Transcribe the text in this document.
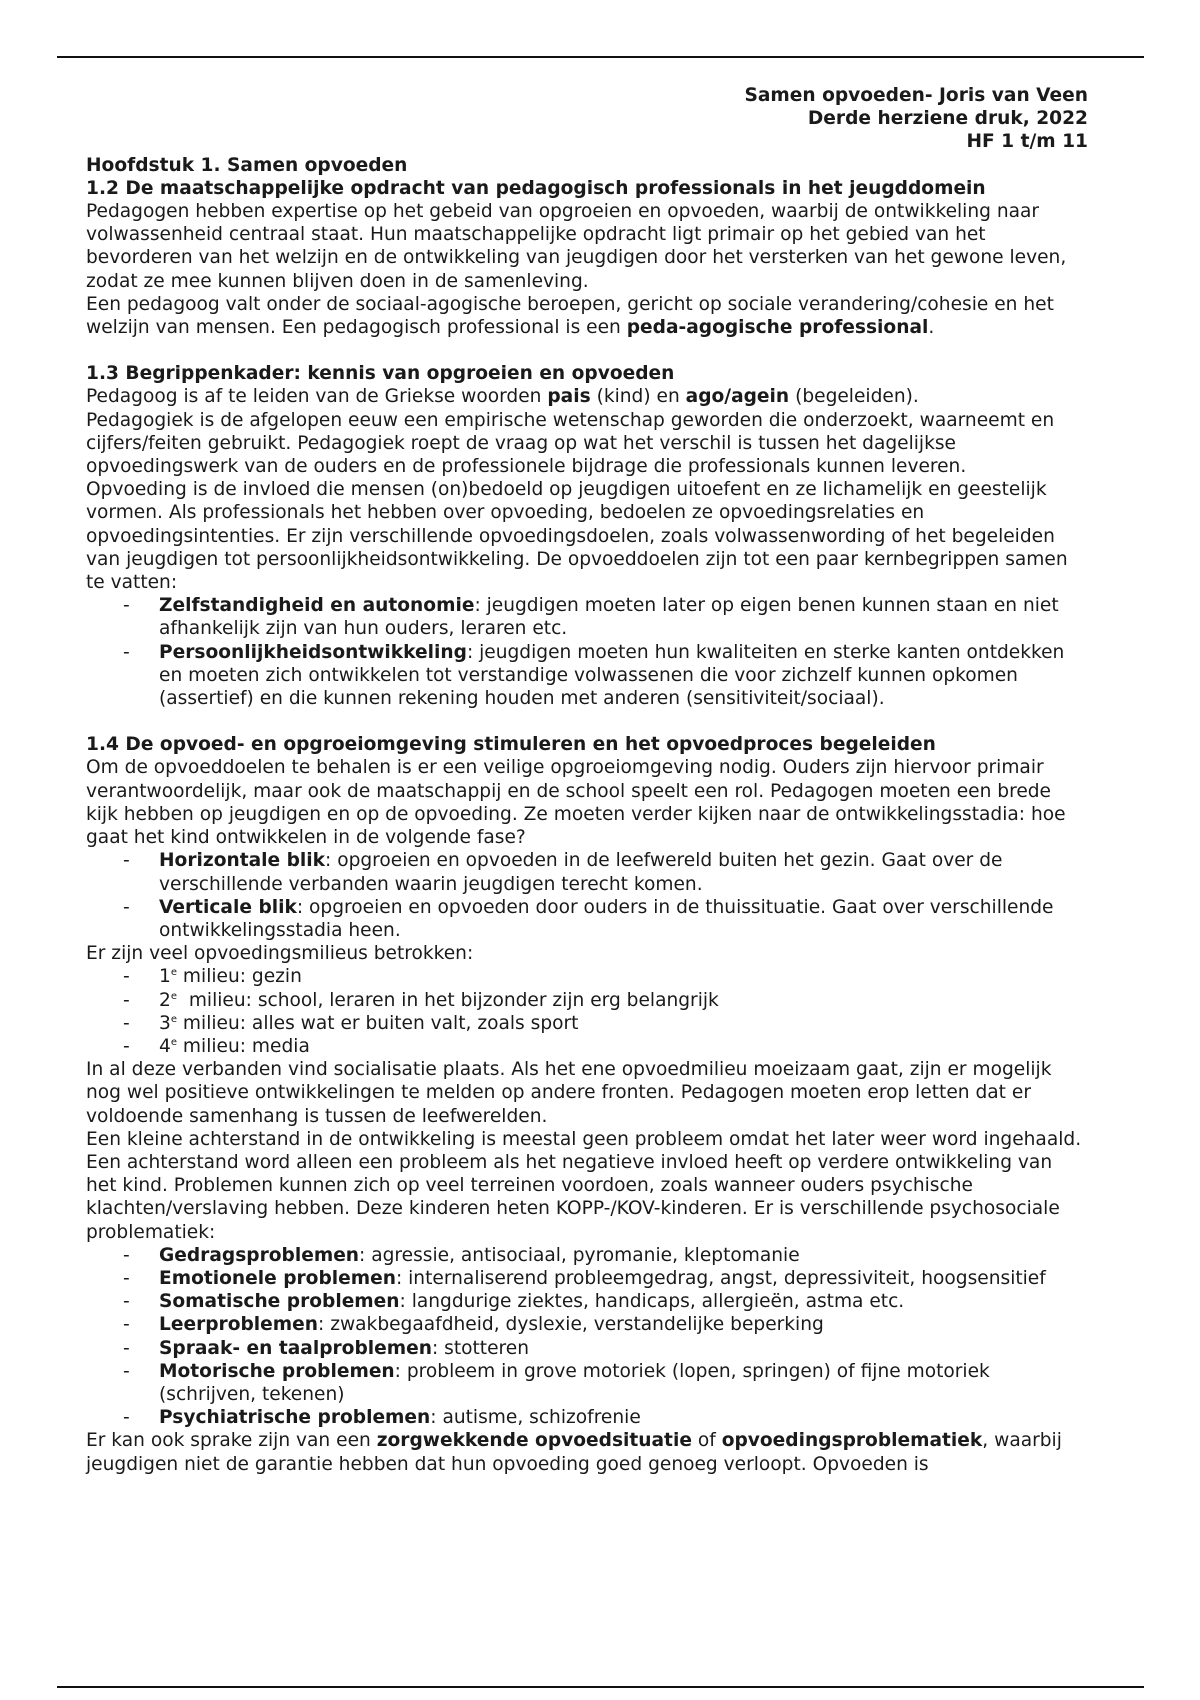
Samen opvoeden- Joris van Veen
Derde herziene druk, 2022
HF 1 t/m 11

Hoofdstuk 1. Samen opvoeden

1.2 De maatschappelijke opdracht van pedagogisch professionals in het jeugddomein

Pedagogen hebben expertise op het gebeid van opgroeien en opvoeden, waarbij de ontwikkeling naar volwassenheid centraal staat. Hun maatschappelijke opdracht ligt primair op het gebied van het bevorderen van het welzijn en de ontwikkeling van jeugdigen door het versterken van het gewone leven, zodat ze mee kunnen blijven doen in de samenleving.

Een pedagoog valt onder de sociaal-agogische beroepen, gericht op sociale verandering/cohesie en het welzijn van mensen. Een pedagogisch professional is een peda-agogische professional.

1.3 Begrippenkader: kennis van opgroeien en opvoeden

Pedagoog is af te leiden van de Griekse woorden pais (kind) en ago/agein (begeleiden).

Pedagogiek is de afgelopen eeuw een empirische wetenschap geworden die onderzoekt, waarneemt en cijfers/feiten gebruikt. Pedagogiek roept de vraag op wat het verschil is tussen het dagelijkse opvoedingswerk van de ouders en de professionele bijdrage die professionals kunnen leveren.

Opvoeding is de invloed die mensen (on)bedoeld op jeugdigen uitoefent en ze lichamelijk en geestelijk vormen. Als professionals het hebben over opvoeding, bedoelen ze opvoedingsrelaties en opvoedingsintenties. Er zijn verschillende opvoedingsdoelen, zoals volwassenwording of het begeleiden van jeugdigen tot persoonlijkheidsontwikkeling. De opvoeddoelen zijn tot een paar kernbegrippen samen te vatten:

- Zelfstandigheid en autonomie: jeugdigen moeten later op eigen benen kunnen staan en niet afhankelijk zijn van hun ouders, leraren etc.
- Persoonlijkheidsontwikkeling: jeugdigen moeten hun kwaliteiten en sterke kanten ontdekken en moeten zich ontwikkelen tot verstandige volwassenen die voor zichzelf kunnen opkomen (assertief) en die kunnen rekening houden met anderen (sensitiviteit/sociaal).

1.4 De opvoed- en opgroeiomgeving stimuleren en het opvoedproces begeleiden

Om de opvoeddoelen te behalen is er een veilige opgroeiomgeving nodig. Ouders zijn hiervoor primair verantwoordelijk, maar ook de maatschappij en de school speelt een rol. Pedagogen moeten een brede kijk hebben op jeugdigen en op de opvoeding. Ze moeten verder kijken naar de ontwikkelingsstadia: hoe gaat het kind ontwikkelen in de volgende fase?

- Horizontale blik: opgroeien en opvoeden in de leefwereld buiten het gezin. Gaat over de verschillende verbanden waarin jeugdigen terecht komen.
- Verticale blik: opgroeien en opvoeden door ouders in de thuissituatie. Gaat over verschillende ontwikkelingsstadia heen.

Er zijn veel opvoedingsmilieus betrokken:

- 1e milieu: gezin
- 2e  milieu: school, leraren in het bijzonder zijn erg belangrijk
- 3e milieu: alles wat er buiten valt, zoals sport
- 4e milieu: media

In al deze verbanden vind socialisatie plaats. Als het ene opvoedmilieu moeizaam gaat, zijn er mogelijk nog wel positieve ontwikkelingen te melden op andere fronten. Pedagogen moeten erop letten dat er voldoende samenhang is tussen de leefwerelden.

Een kleine achterstand in de ontwikkeling is meestal geen probleem omdat het later weer word ingehaald. Een achterstand word alleen een probleem als het negatieve invloed heeft op verdere ontwikkeling van het kind. Problemen kunnen zich op veel terreinen voordoen, zoals wanneer ouders psychische klachten/verslaving hebben. Deze kinderen heten KOPP-/KOV-kinderen. Er is verschillende psychosociale problematiek:

- Gedragsproblemen: agressie, antisociaal, pyromanie, kleptomanie
- Emotionele problemen: internaliserend probleemgedrag, angst, depressiviteit, hoogsensitief
- Somatische problemen: langdurige ziektes, handicaps, allergieën, astma etc.
- Leerproblemen: zwakbegaafdheid, dyslexie, verstandelijke beperking
- Spraak- en taalproblemen: stotteren
- Motorische problemen: probleem in grove motoriek (lopen, springen) of fijne motoriek (schrijven, tekenen)
- Psychiatrische problemen: autisme, schizofrenie

Er kan ook sprake zijn van een zorgwekkende opvoedsituatie of opvoedingsproblematiek, waarbij jeugdigen niet de garantie hebben dat hun opvoeding goed genoeg verloopt. Opvoeden is
